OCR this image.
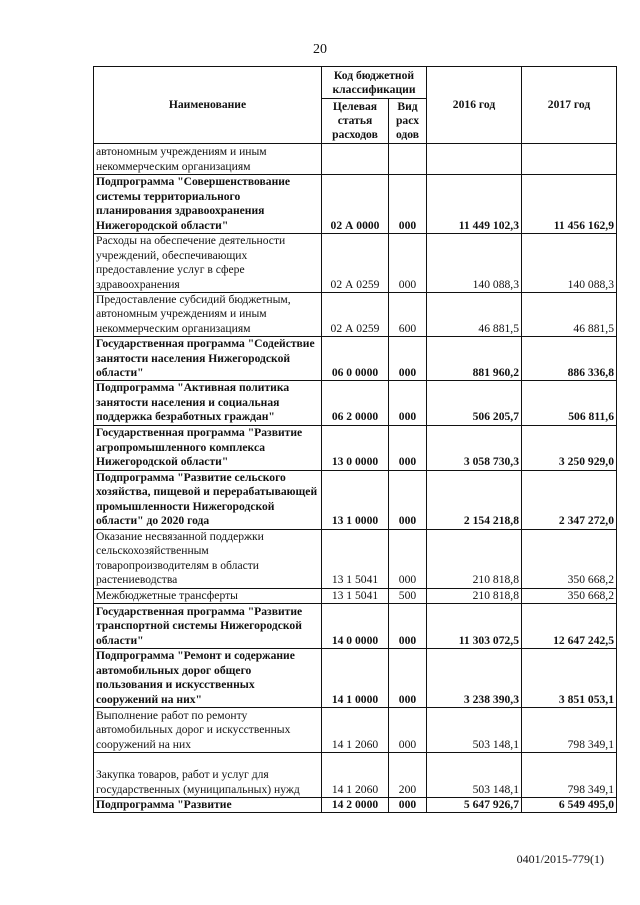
20
Наименование	Код бюджетной классификации		2016 год	2017 год
	Целевая статья расходов	Вид расх одов		
автономным учреждениям и иным некоммерческим организациям				
Подпрограмма "Совершенствование системы территориального планирования здравоохранения Нижегородской области"	02 А 0000	000	11 449 102,3	11 456 162,9
Расходы на обеспечение деятельности учреждений, обеспечивающих предоставление услуг в сфере здравоохранения	02 А 0259	000	140 088,3	140 088,3
Предоставление субсидий бюджетным, автономным учреждениям и иным некоммерческим организациям	02 А 0259	600	46 881,5	46 881,5
Государственная программа "Содействие занятости населения Нижегородской области"	06 0 0000	000	881 960,2	886 336,8
Подпрограмма "Активная политика занятости населения и социальная поддержка безработных граждан"	06 2 0000	000	506 205,7	506 811,6
Государственная программа "Развитие агропромышленного комплекса Нижегородской области"	13 0 0000	000	3 058 730,3	3 250 929,0
Подпрограмма "Развитие сельского хозяйства, пищевой и перерабатывающей промышленности Нижегородской области" до 2020 года	13 1 0000	000	2 154 218,8	2 347 272,0
Оказание несвязанной поддержки сельскохозяйственным товаропроизводителям в области растениеводства	13 1 5041	000	210 818,8	350 668,2
Межбюджетные трансферты	13 1 5041	500	210 818,8	350 668,2
Государственная программа "Развитие транспортной системы Нижегородской области"	14 0 0000	000	11 303 072,5	12 647 242,5
Подпрограмма "Ремонт и содержание автомобильных дорог общего пользования и искусственных сооружений на них"	14 1 0000	000	3 238 390,3	3 851 053,1
Выполнение работ по ремонту автомобильных дорог и искусственных сооружений на них	14 1 2060	000	503 148,1	798 349,1
Закупка товаров, работ и услуг для государственных (муниципальных) нужд	14 1 2060	200	503 148,1	798 349,1
Подпрограмма "Развитие	14 2 0000	000	5 647 926,7	6 549 495,0
0401/2015-779(1)
